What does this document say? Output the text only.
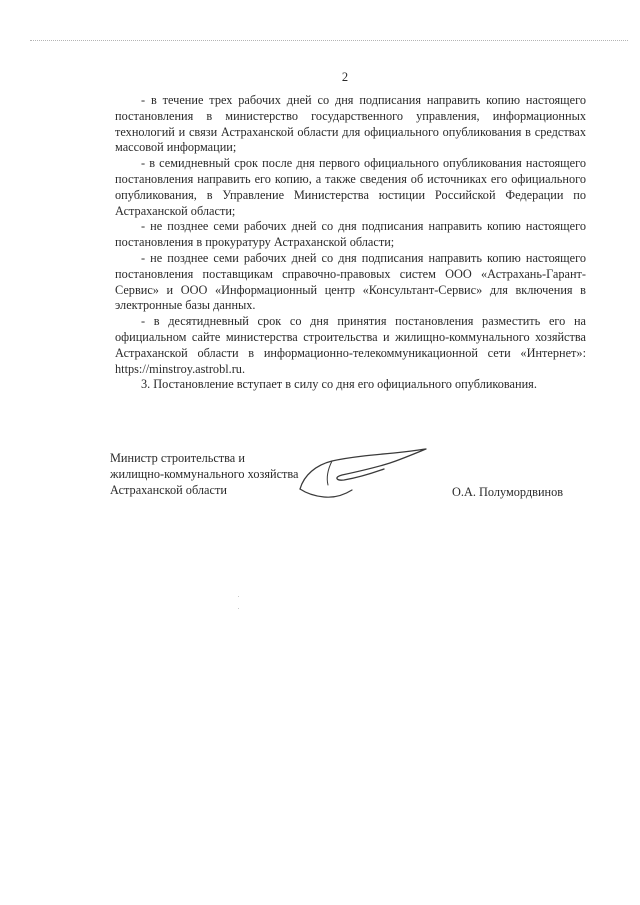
2

- в течение трех рабочих дней со дня подписания направить копию настоящего постановления в министерство государственного управления, информационных технологий и связи Астраханской области для официального опубликования в средствах массовой информации;

- в семидневный срок после дня первого официального опубликования настоящего постановления направить его копию, а также сведения об источниках его официального опубликования, в Управление Министерства юстиции Российской Федерации по Астраханской области;

- не позднее семи рабочих дней со дня подписания направить копию настоящего постановления в прокуратуру Астраханской области;

- не позднее семи рабочих дней со дня подписания направить копию настоящего постановления поставщикам справочно-правовых систем ООО «Астрахань-Гарант-Сервис» и ООО «Информационный центр «Консультант-Сервис» для включения в электронные базы данных.

- в десятидневный срок со дня принятия постановления разместить его на официальном сайте министерства строительства и жилищно-коммунального хозяйства Астраханской области в информационно-телекоммуникационной сети «Интернет»: https://minstroy.astrobl.ru.

3. Постановление вступает в силу со дня его официального опубликования.

Министр строительства и
жилищно-коммунального хозяйства
Астраханской области	О.А. Полумордвинов
